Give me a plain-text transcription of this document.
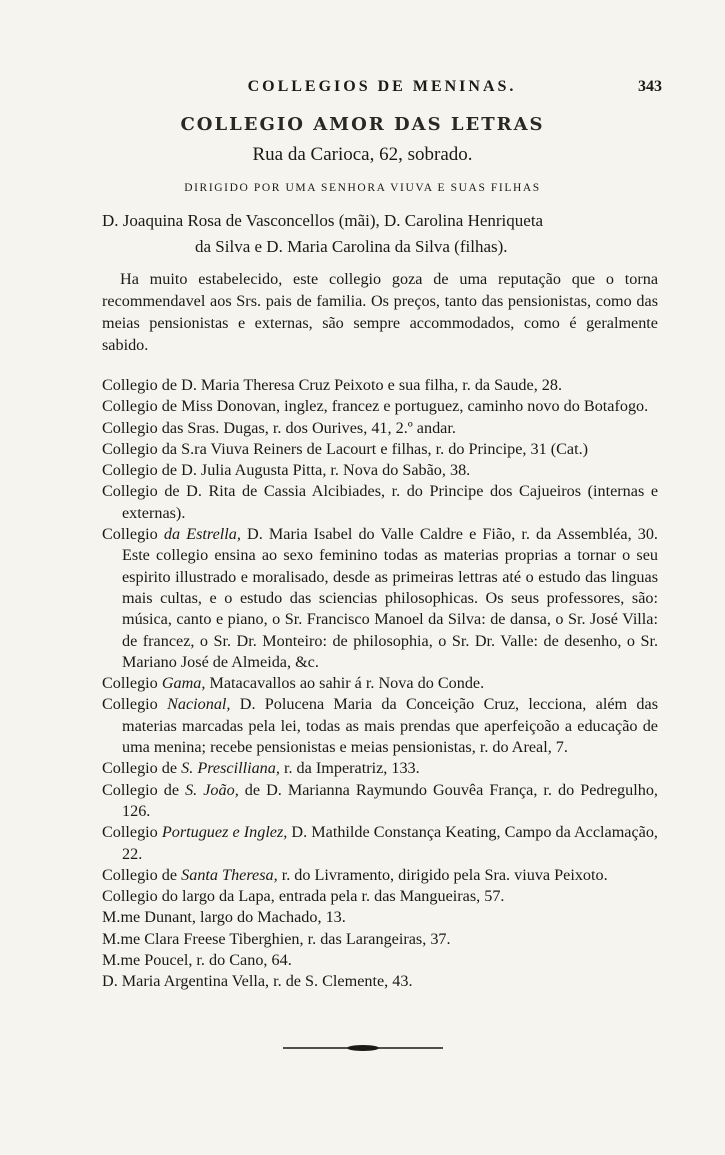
COLLEGIOS DE MENINAS.	343
COLLEGIO AMOR DAS LETRAS
Rua da Carioca, 62, sobrado.
DIRIGIDO POR UMA SENHORA VIUVA E SUAS FILHAS
D. Joaquina Rosa de Vasconcellos (mãi), D. Carolina Henriqueta
da Silva e D. Maria Carolina da Silva (filhas).

Ha muito estabelecido, este collegio goza de uma reputação que o torna recommendavel aos Srs. pais de familia. Os preços, tanto das pensionistas, como das meias pensionistas e externas, são sempre accommodados, como é geralmente sabido.

Collegio de D. Maria Theresa Cruz Peixoto e sua filha, r. da Saude, 28.

Collegio de Miss Donovan, inglez, francez e portuguez, caminho novo do Botafogo.

Collegio das Sras. Dugas, r. dos Ourives, 41, 2.º andar.

Collegio da S.ra Viuva Reiners de Lacourt e filhas, r. do Principe, 31 (Cat.)

Collegio de D. Julia Augusta Pitta, r. Nova do Sabão, 38.

Collegio de D. Rita de Cassia Alcibiades, r. do Principe dos Cajueiros (internas e externas).

Collegio da Estrella, D. Maria Isabel do Valle Caldre e Fião, r. da Assembléa, 30. Este collegio ensina ao sexo feminino todas as materias proprias a tornar o seu espirito illustrado e moralisado, desde as primeiras lettras até o estudo das linguas mais cultas, e o estudo das sciencias philosophicas. Os seus professores, são: música, canto e piano, o Sr. Francisco Manoel da Silva: de dansa, o Sr. José Villa: de francez, o Sr. Dr. Monteiro: de philosophia, o Sr. Dr. Valle: de desenho, o Sr. Mariano José de Almeida, &c.

Collegio Gama, Matacavallos ao sahir á r. Nova do Conde.

Collegio Nacional, D. Polucena Maria da Conceição Cruz, lecciona, além das materias marcadas pela lei, todas as mais prendas que aperfeiçoão a educação de uma menina; recebe pensionistas e meias pensionistas, r. do Areal, 7.

Collegio de S. Prescilliana, r. da Imperatriz, 133.

Collegio de S. João, de D. Marianna Raymundo Gouvêa França, r. do Pedregulho, 126.

Collegio Portuguez e Inglez, D. Mathilde Constança Keating, Campo da Acclamação, 22.

Collegio de Santa Theresa, r. do Livramento, dirigido pela Sra. viuva Peixoto.

Collegio do largo da Lapa, entrada pela r. das Mangueiras, 57.

M.me Dunant, largo do Machado, 13.

M.me Clara Freese Tiberghien, r. das Larangeiras, 37.

M.me Poucel, r. do Cano, 64.

D. Maria Argentina Vella, r. de S. Clemente, 43.
